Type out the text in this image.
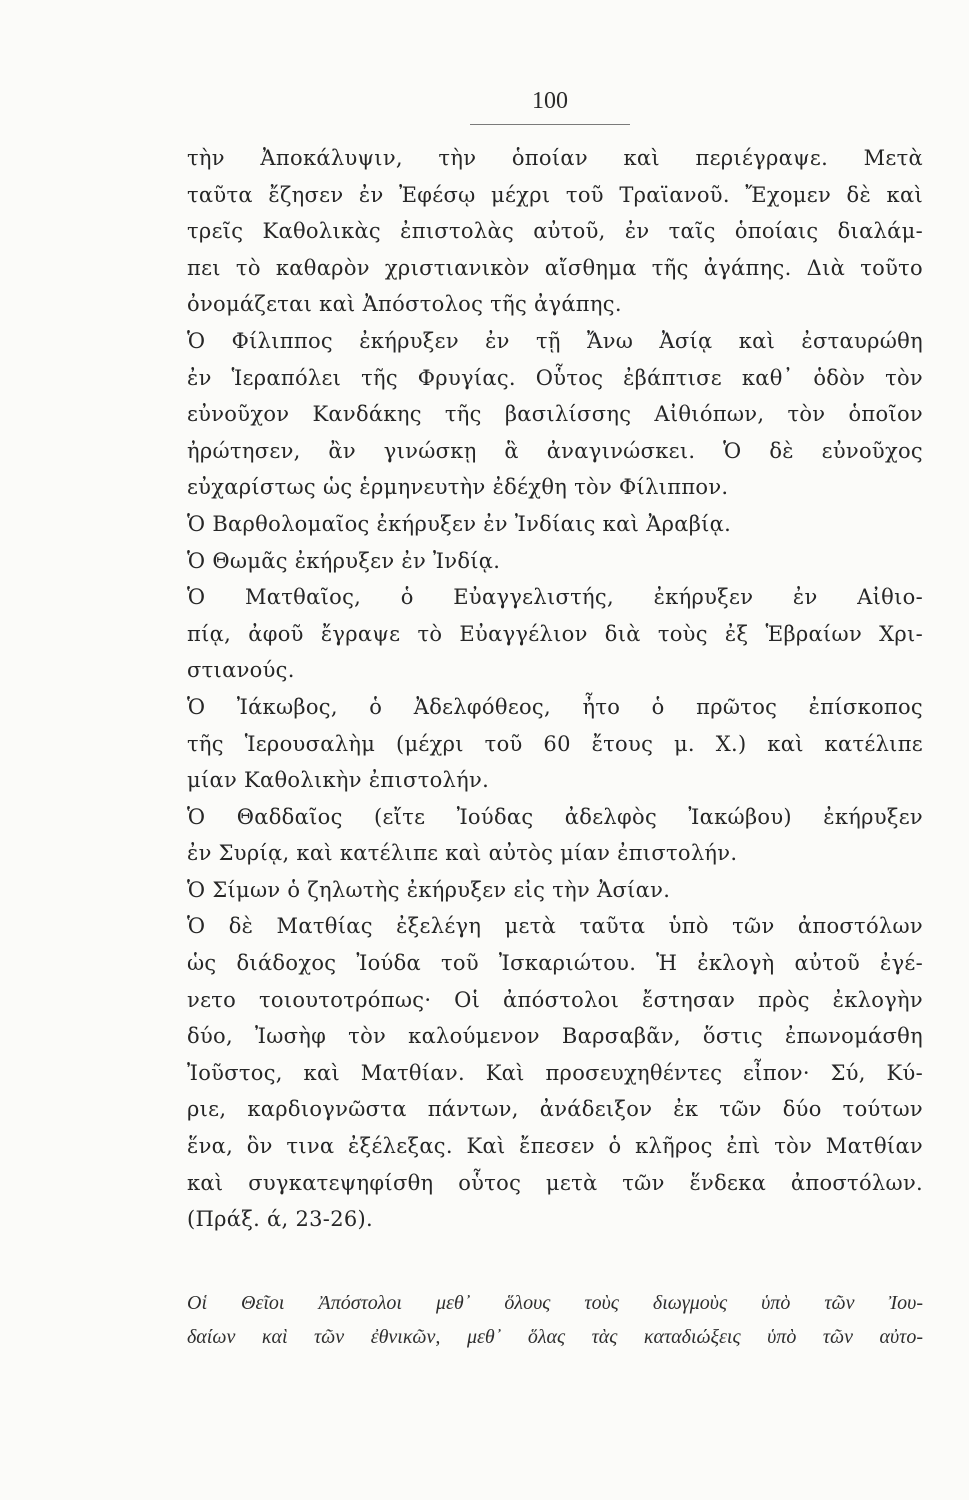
100
τὴν Ἀποκάλυψιν, τὴν ὁποίαν καὶ περιέγραψε. Μετὰ
ταῦτα ἔζησεν ἐν Ἐφέσῳ μέχρι τοῦ Τραϊανοῦ. Ἔχομεν δὲ καὶ
τρεῖς Καθολικὰς ἐπιστολὰς αὐτοῦ, ἐν ταῖς ὁποίαις διαλάμ-
πει τὸ καθαρὸν χριστιανικὸν αἴσθημα τῆς ἀγάπης. Διὰ τοῦτο
ὀνομάζεται καὶ Ἀπόστολος τῆς ἀγάπης.
Ὁ Φίλιππος ἐκήρυξεν ἐν τῇ Ἄνω Ἀσίᾳ καὶ ἐσταυρώθη
ἐν Ἱεραπόλει τῆς Φρυγίας. Οὗτος ἐβάπτισε καθ᾽ ὁδὸν τὸν
εὐνοῦχον Κανδάκης τῆς βασιλίσσης Αἰθιόπων, τὸν ὁποῖον
ἠρώτησεν, ἂν γινώσκῃ ἃ ἀναγινώσκει. Ὁ δὲ εὐνοῦχος
εὐχαρίστως ὡς ἑρμηνευτὴν ἐδέχθη τὸν Φίλιππον.
Ὁ Βαρθολομαῖος ἐκήρυξεν ἐν Ἰνδίαις καὶ Ἀραβίᾳ.
Ὁ Θωμᾶς ἐκήρυξεν ἐν Ἰνδίᾳ.
Ὁ Ματθαῖος, ὁ Εὐαγγελιστής, ἐκήρυξεν ἐν Αἰθιο-
πίᾳ, ἀφοῦ ἔγραψε τὸ Εὐαγγέλιον διὰ τοὺς ἐξ Ἑβραίων Χρι-
στιανούς.
Ὁ Ἰάκωβος, ὁ Ἀδελφόθεος, ἦτο ὁ πρῶτος ἐπίσκοπος
τῆς Ἱερουσαλὴμ (μέχρι τοῦ 60 ἔτους μ. Χ.) καὶ κατέλιπε
μίαν Καθολικὴν ἐπιστολήν.
Ὁ Θαδδαῖος (εἴτε Ἰούδας ἀδελφὸς Ἰακώβου) ἐκήρυξεν
ἐν Συρίᾳ, καὶ κατέλιπε καὶ αὐτὸς μίαν ἐπιστολήν.
Ὁ Σίμων ὁ ζηλωτὴς ἐκήρυξεν εἰς τὴν Ἀσίαν.
Ὁ δὲ Ματθίας ἐξελέγη μετὰ ταῦτα ὑπὸ τῶν ἀποστόλων
ὡς διάδοχος Ἰούδα τοῦ Ἰσκαριώτου. Ἡ ἐκλογὴ αὐτοῦ ἐγέ-
νετο τοιουτοτρόπως· Οἱ ἀπόστολοι ἔστησαν πρὸς ἐκλογὴν
δύο, Ἰωσὴφ τὸν καλούμενον Βαρσαβᾶν, ὅστις ἐπωνομάσθη
Ἰοῦστος, καὶ Ματθίαν. Καὶ προσευχηθέντες εἶπον· Σύ, Κύ-
ριε, καρδιογνῶστα πάντων, ἀνάδειξον ἐκ τῶν δύο τούτων
ἕνα, ὃν τινα ἐξέλεξας. Καὶ ἔπεσεν ὁ κλῆρος ἐπὶ τὸν Ματθίαν
καὶ συγκατεψηφίσθη οὗτος μετὰ τῶν ἕνδεκα ἀποστόλων.
(Πράξ. ά, 23-26).
Οἱ Θεῖοι Ἀπόστολοι μεθ᾽ ὅλους τοὺς διωγμοὺς ὑπὸ τῶν Ἰου-
δαίων καὶ τῶν ἐθνικῶν, μεθ᾽ ὅλας τὰς καταδιώξεις ὑπὸ τῶν αὐτο-
